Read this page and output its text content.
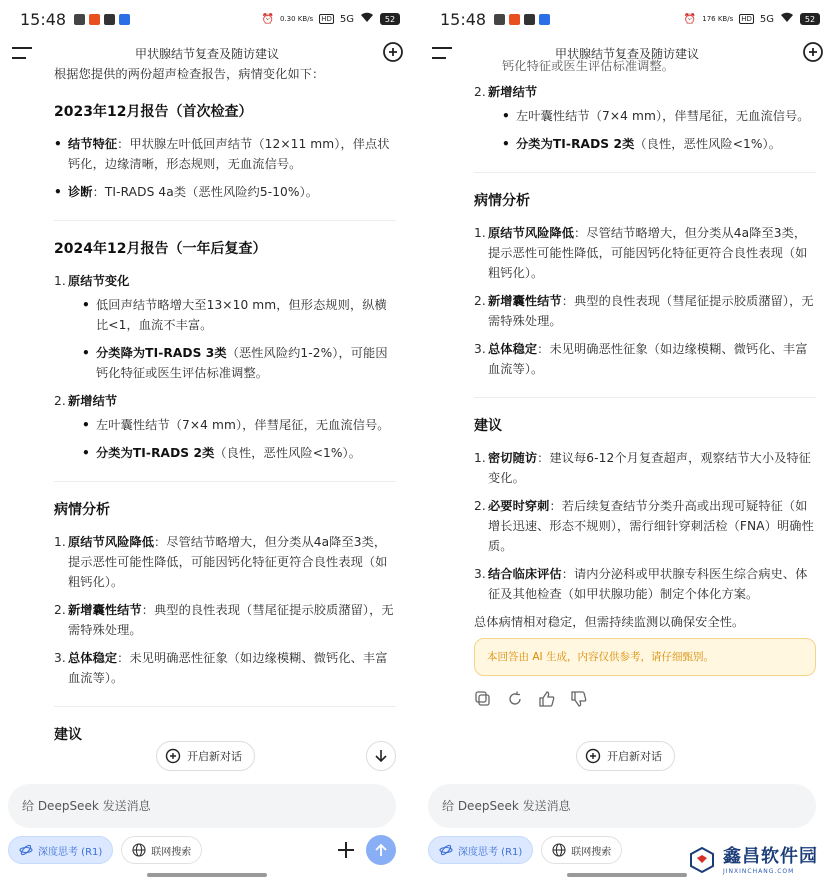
15:48	⏰ 0.30 KB/s HD 5G	52
甲状腺结节复查及随访建议

根据您提供的两份超声检查报告，病情变化如下：

2023年12月报告（首次检查）
• 结节特征：甲状腺左叶低回声结节（12×11 mm），伴点状钙化，边缘清晰，形态规则，无血流信号。
• 诊断：TI-RADS 4a类（恶性风险约5-10%）。
2024年12月报告（一年后复查）
1. 原结节变化
• 低回声结节略增大至13×10 mm，但形态规则，纵横比<1，血流不丰富。
• 分类降为TI-RADS 3类（恶性风险约1-2%），可能因钙化特征或医生评估标准调整。
2. 新增结节
• 左叶囊性结节（7×4 mm），伴彗尾征，无血流信号。
• 分类为TI-RADS 2类（良性，恶性风险<1%）。
病情分析
1. 原结节风险降低：尽管结节略增大，但分类从4a降至3类，提示恶性可能性降低，可能因钙化特征更符合良性表现（如粗钙化）。
2. 新增囊性结节：典型的良性表现（彗尾征提示胶质潴留），无需特殊处理。
3. 总体稳定：未见明确恶性征象（如边缘模糊、微钙化、丰富血流等）。
建议
开启新对话
给 DeepSeek 发送消息
深度思考 (R1)	联网搜索
15:48	⏰ 176 KB/s HD 5G	52
甲状腺结节复查及随访建议

钙化特征或医生评估标准调整。

2. 新增结节
• 左叶囊性结节（7×4 mm），伴彗尾征，无血流信号。
• 分类为TI-RADS 2类（良性，恶性风险<1%）。
病情分析
1. 原结节风险降低：尽管结节略增大，但分类从4a降至3类，提示恶性可能性降低，可能因钙化特征更符合良性表现（如粗钙化）。
2. 新增囊性结节：典型的良性表现（彗尾征提示胶质潴留），无需特殊处理。
3. 总体稳定：未见明确恶性征象（如边缘模糊、微钙化、丰富血流等）。
建议
1. 密切随访：建议每6-12个月复查超声，观察结节大小及特征变化。
2. 必要时穿刺：若后续复查结节分类升高或出现可疑特征（如增长迅速、形态不规则），需行细针穿刺活检（FNA）明确性质。
3. 结合临床评估：请内分泌科或甲状腺专科医生综合病史、体征及其他检查（如甲状腺功能）制定个体化方案。

总体病情相对稳定，但需持续监测以确保安全性。

本回答由 AI 生成，内容仅供参考，请仔细甄别。
开启新对话
给 DeepSeek 发送消息
深度思考 (R1)	联网搜索	鑫昌软件园
JINXINCHANG.COM
